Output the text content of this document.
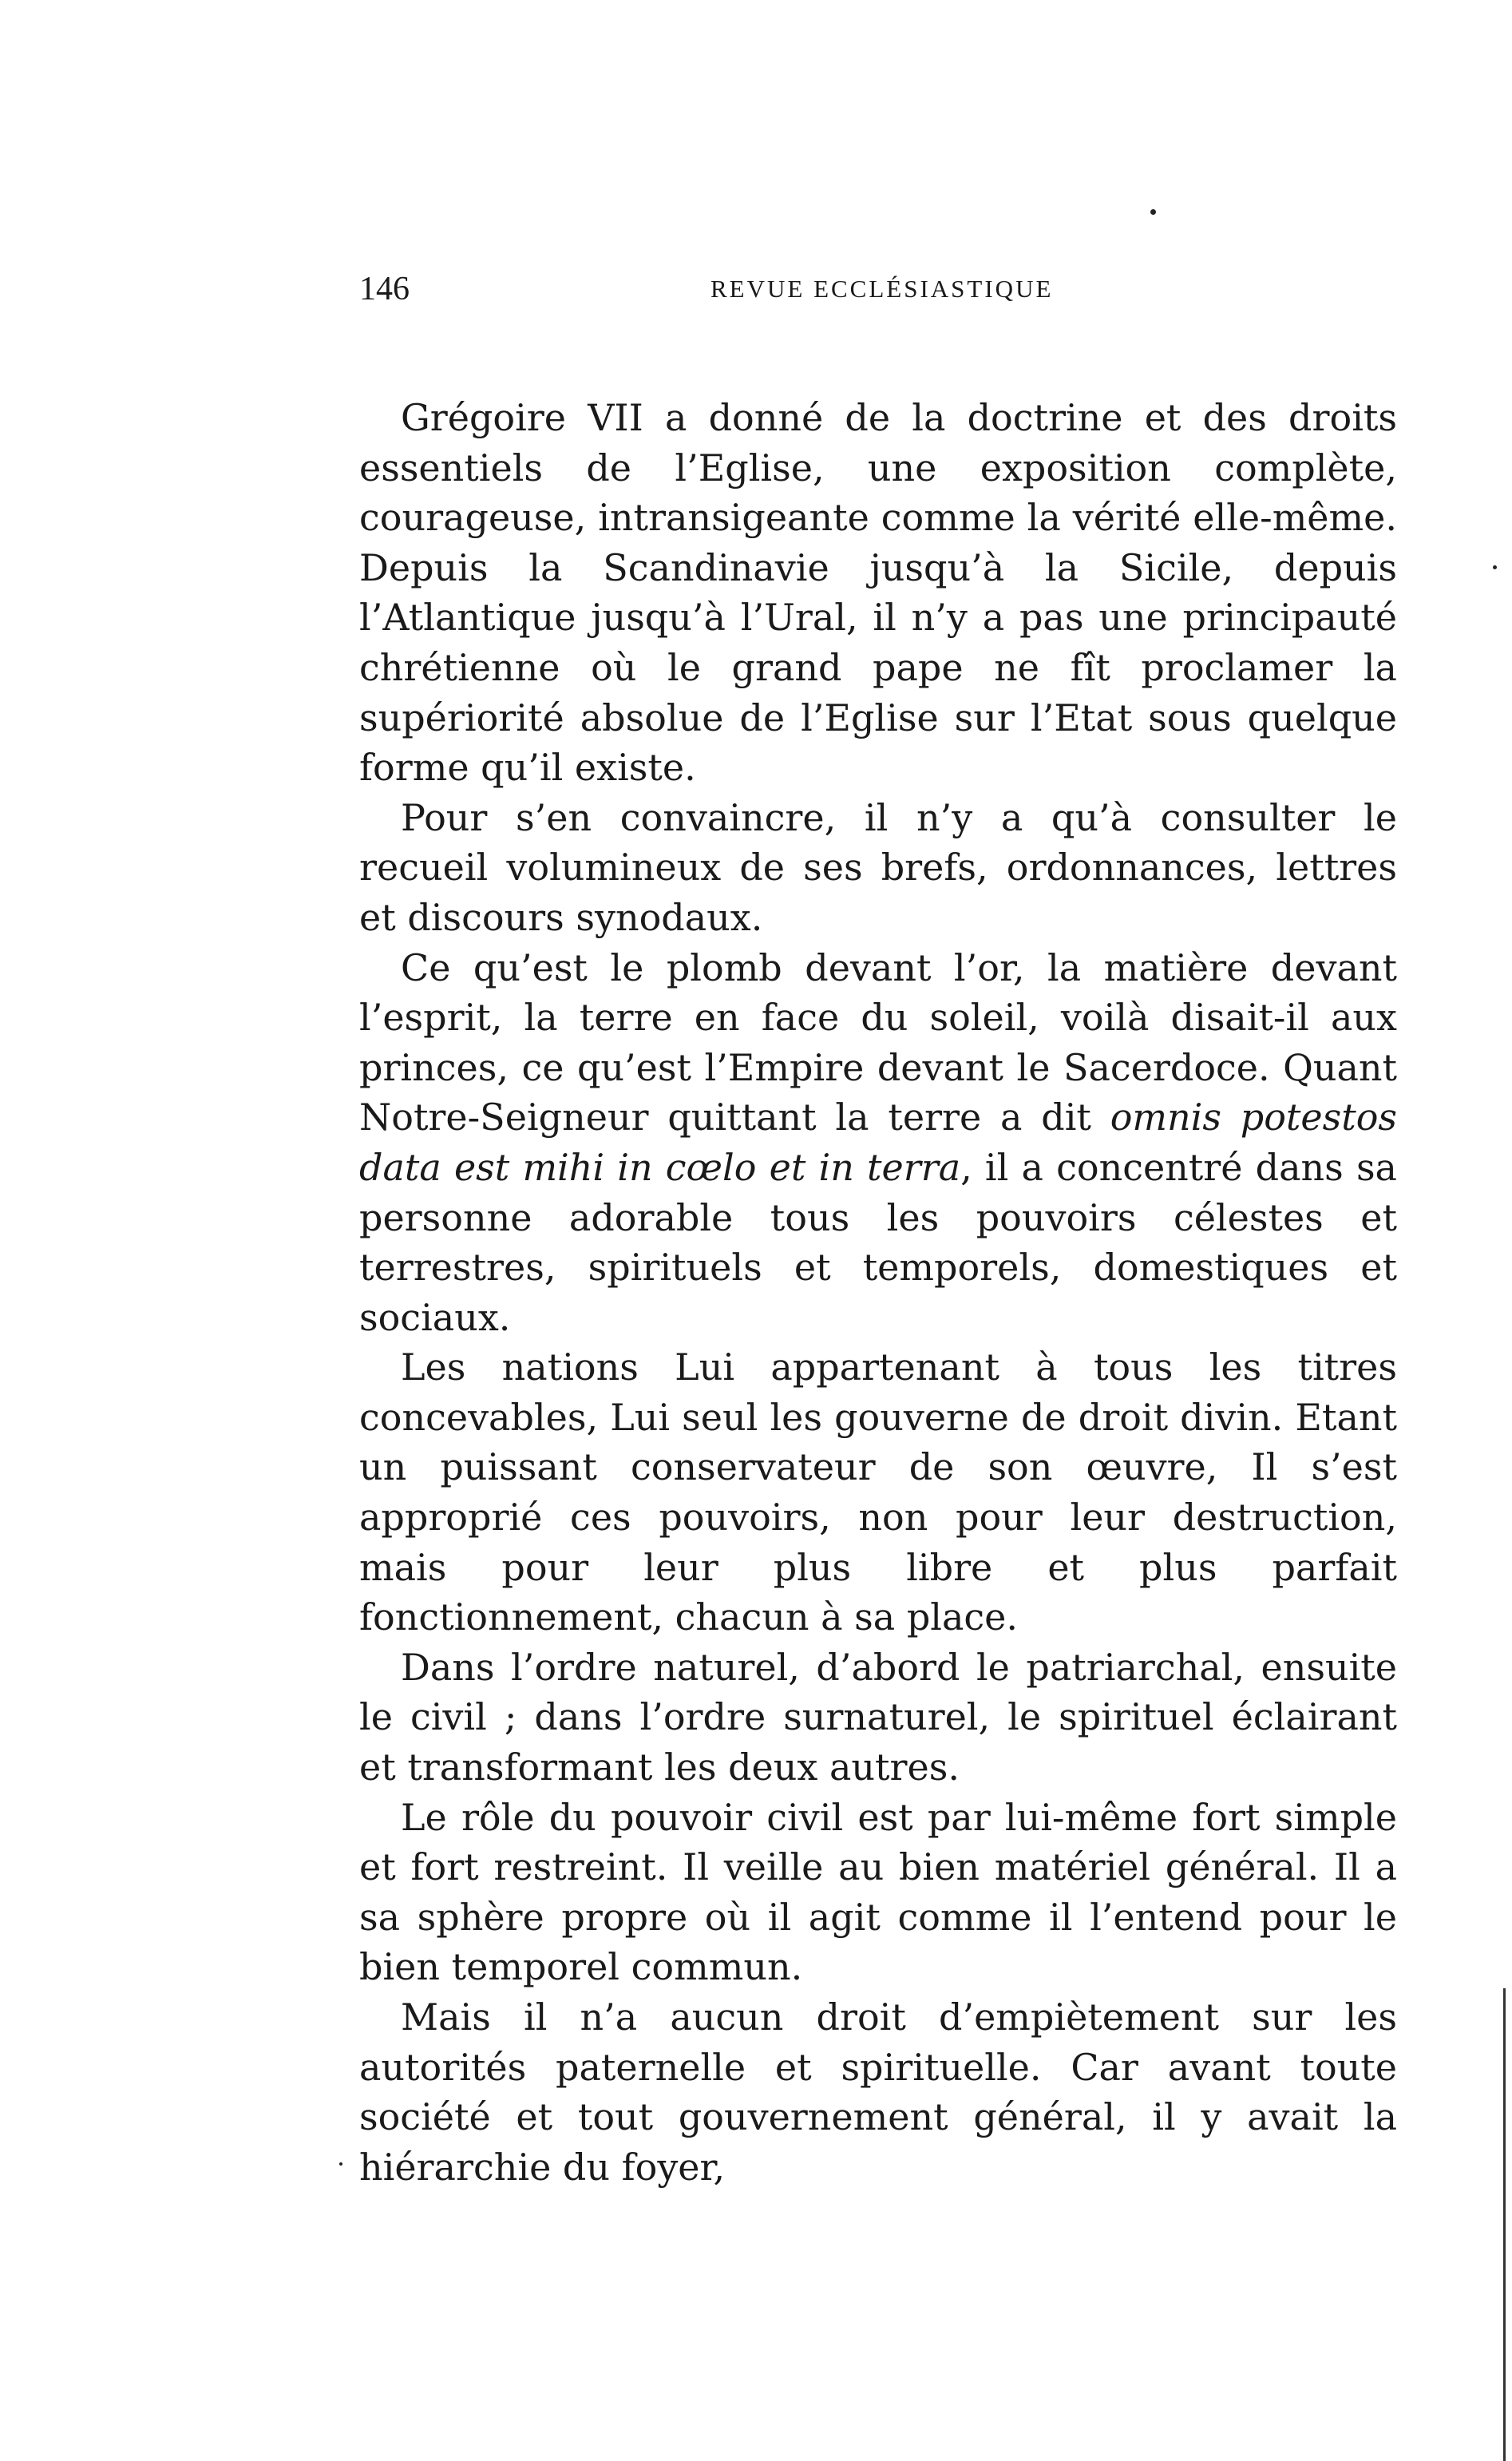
146	REVUE ECCLÉSIASTIQUE

Grégoire VII a donné de la doctrine et des droits essentiels de l’Eglise, une exposition complète, courageuse, intransigeante comme la vérité elle-même. Depuis la Scandinavie jusqu’à la Sicile, depuis l’Atlantique jusqu’à l’Ural, il n’y a pas une principauté chrétienne où le grand pape ne fît proclamer la supériorité absolue de l’Eglise sur l’Etat sous quelque forme qu’il existe.

Pour s’en convaincre, il n’y a qu’à consulter le recueil volumineux de ses brefs, ordonnances, lettres et discours synodaux.

Ce qu’est le plomb devant l’or, la matière devant l’esprit, la terre en face du soleil, voilà disait-il aux princes, ce qu’est l’Empire devant le Sacerdoce. Quant Notre-Seigneur quittant la terre a dit omnis potestos data est mihi in cœlo et in terra, il a concentré dans sa personne adorable tous les pouvoirs célestes et terrestres, spirituels et temporels, domestiques et sociaux.

Les nations Lui appartenant à tous les titres concevables, Lui seul les gouverne de droit divin. Etant un puissant conservateur de son œuvre, Il s’est approprié ces pouvoirs, non pour leur destruction, mais pour leur plus libre et plus parfait fonctionnement, chacun à sa place.

Dans l’ordre naturel, d’abord le patriarchal, ensuite le civil ; dans l’ordre surnaturel, le spirituel éclairant et transformant les deux autres.

Le rôle du pouvoir civil est par lui-même fort simple et fort restreint. Il veille au bien matériel général. Il a sa sphère propre où il agit comme il l’entend pour le bien temporel commun.

Mais il n’a aucun droit d’empiètement sur les autorités paternelle et spirituelle. Car avant toute société et tout gouvernement général, il y avait la hiérarchie du foyer,
